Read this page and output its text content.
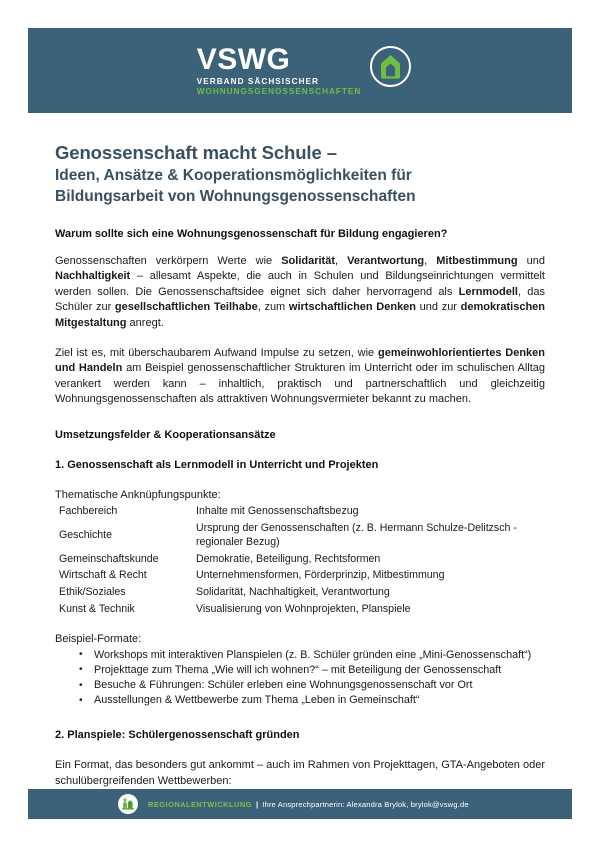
VSWG
VERBAND SÄCHSISCHER
WOHNUNGSGENOSSENSCHAFTEN
Genossenschaft macht Schule –
Ideen, Ansätze & Kooperationsmöglichkeiten für
Bildungsarbeit von Wohnungsgenossenschaften
Warum sollte sich eine Wohnungsgenossenschaft für Bildung engagieren?

Genossenschaften verkörpern Werte wie Solidarität, Verantwortung, Mitbestimmung und Nachhaltigkeit – allesamt Aspekte, die auch in Schulen und Bildungseinrichtungen vermittelt werden sollen. Die Genossenschaftsidee eignet sich daher hervorragend als Lernmodell, das Schüler zur gesellschaftlichen Teilhabe, zum wirtschaftlichen Denken und zur demokratischen Mitgestaltung anregt.

Ziel ist es, mit überschaubarem Aufwand Impulse zu setzen, wie gemeinwohlorientiertes Denken und Handeln am Beispiel genossenschaftlicher Strukturen im Unterricht oder im schulischen Alltag verankert werden kann – inhaltlich, praktisch und partnerschaftlich und gleichzeitig Wohnungsgenossenschaften als attraktiven Wohnungsvermieter bekannt zu machen.

Umsetzungsfelder & Kooperationsansätze
1. Genossenschaft als Lernmodell in Unterricht und Projekten

Thematische Anknüpfungspunkte:

Fachbereich	Inhalte mit Genossenschaftsbezug
Geschichte	Ursprung der Genossenschaften (z. B. Hermann Schulze-Delitzsch - regionaler Bezug)
Gemeinschaftskunde	Demokratie, Beteiligung, Rechtsformen
Wirtschaft & Recht	Unternehmensformen, Förderprinzip, Mitbestimmung
Ethik/Soziales	Solidarität, Nachhaltigkeit, Verantwortung
Kunst & Technik	Visualisierung von Wohnprojekten, Planspiele

Beispiel-Formate:

• Workshops mit interaktiven Planspielen (z. B. Schüler gründen eine „Mini-Genossenschaft“)
• Projekttage zum Thema „Wie will ich wohnen?“ – mit Beteiligung der Genossenschaft
• Besuche & Führungen: Schüler erleben eine Wohnungsgenossenschaft vor Ort
• Ausstellungen & Wettbewerbe zum Thema „Leben in Gemeinschaft“
2. Planspiele: Schülergenossenschaft gründen

Ein Format, das besonders gut ankommt – auch im Rahmen von Projekttagen, GTA-Angeboten oder schulübergreifenden Wettbewerben:

REGIONALENTWICKLUNG | Ihre Ansprechpartnerin: Alexandra Brylok, brylok@vswg.de
